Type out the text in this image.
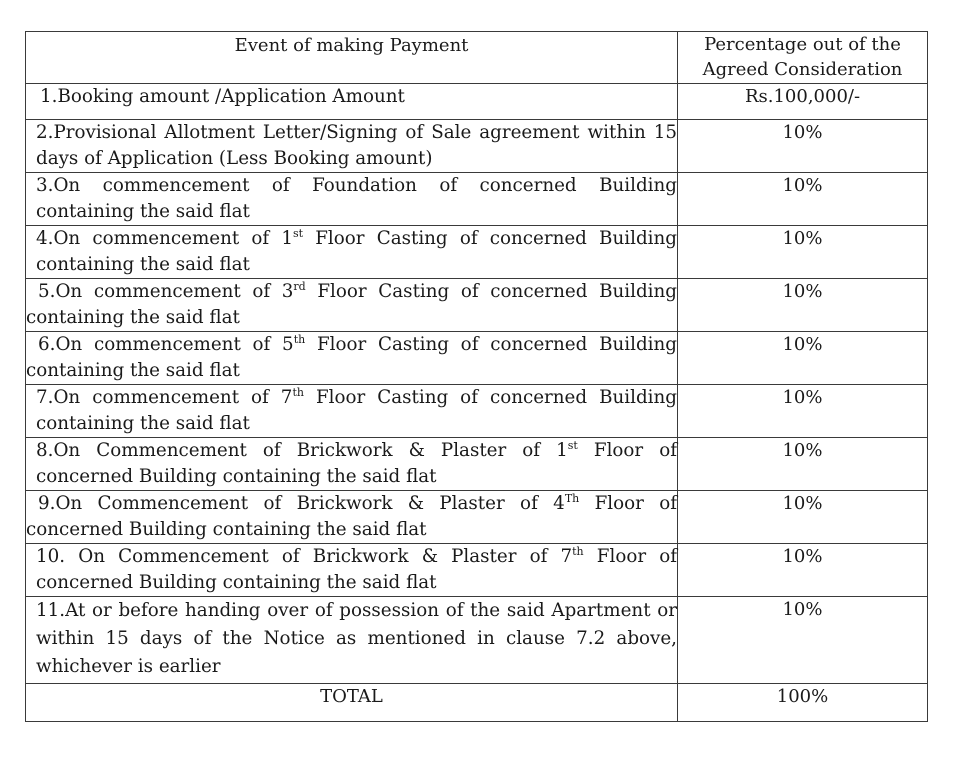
Event of making Payment	Percentage out of the Agreed Consideration

1.Booking amount /Application Amount	Rs.100,000/-

2.Provisional Allotment Letter/Signing of Sale agreement within 15 days of Application (Less Booking amount)	10%

3.On commencement of Foundation of concerned Building containing the said flat	10%

4.On commencement of 1st Floor Casting of concerned Building containing the said flat	10%

5.On commencement of 3rd Floor Casting of concerned Building containing the said flat	10%

6.On commencement of 5th Floor Casting of concerned Building containing the said flat	10%

7.On commencement of 7th Floor Casting of concerned Building containing the said flat	10%

8.On Commencement of Brickwork & Plaster of 1st Floor of concerned Building containing the said flat	10%

9.On Commencement of Brickwork & Plaster of 4Th Floor of concerned Building containing the said flat	10%

10. On Commencement of Brickwork & Plaster of 7th Floor of concerned Building containing the said flat	10%

11.At or before handing over of possession of the said Apartment or within 15 days of the Notice as mentioned in clause 7.2 above, whichever is earlier	10%
TOTAL	100%
